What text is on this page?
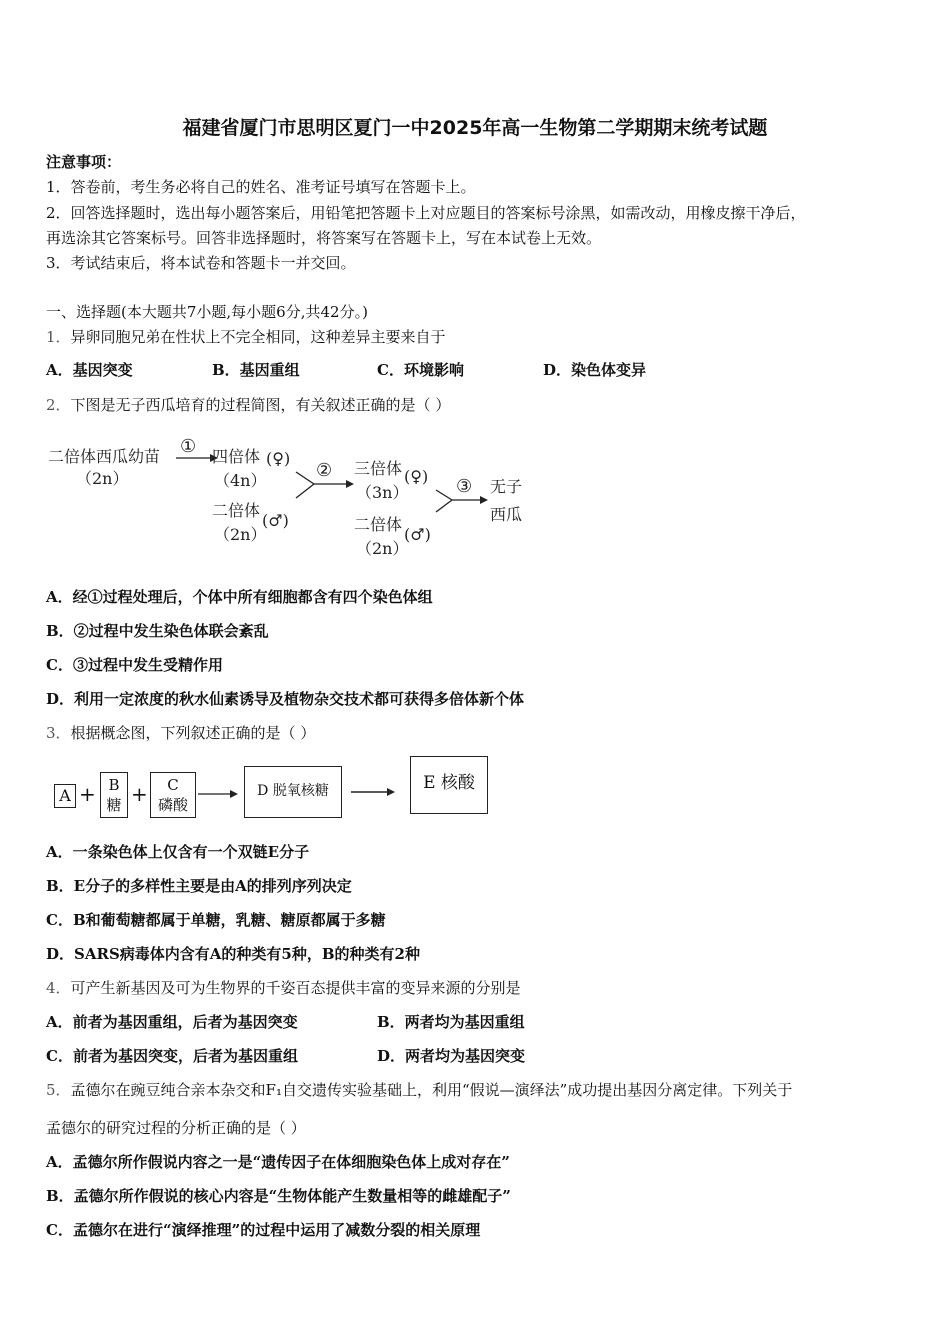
福建省厦门市思明区夏门一中2025年高一生物第二学期期末统考试题
注意事项：
1．答卷前，考生务必将自己的姓名、准考证号填写在答题卡上。
2．回答选择题时，选出每小题答案后，用铅笔把答题卡上对应题目的答案标号涂黑，如需改动，用橡皮擦干净后，
再选涂其它答案标号。回答非选择题时，将答案写在答题卡上，写在本试卷上无效。
3．考试结束后，将本试卷和答题卡一并交回。
一、选择题(本大题共7小题,每小题6分,共42分。)
1．异卵同胞兄弟在性状上不完全相同，这种差异主要来自于
A．基因突变	B．基因重组	C．环境影响	D．染色体变异
2．下图是无子西瓜培育的过程简图，有关叙述正确的是（ ）
二倍体西瓜幼苗
（2n）
① 四倍体 (♀)
（4n）
二倍体
(♂)
（2n）
② 三倍体 (♀)
（3n）
二倍体
(♂)
（2n）
③ 无子
西瓜
A．经①过程处理后，个体中所有细胞都含有四个染色体组
B．②过程中发生染色体联会紊乱
C．③过程中发生受精作用
D．利用一定浓度的秋水仙素诱导及植物杂交技术都可获得多倍体新个体
3．根据概念图，下列叙述正确的是（ ）
A + B
糖 +	C
磷酸
D 脱氧核糖	E 核酸
A．一条染色体上仅含有一个双链E分子
B．E分子的多样性主要是由A的排列序列决定
C．B和葡萄糖都属于单糖，乳糖、糖原都属于多糖
D．SARS病毒体内含有A的种类有5种，B的种类有2种
4．可产生新基因及可为生物界的千姿百态提供丰富的变异来源的分别是
A．前者为基因重组，后者为基因突变	B．两者均为基因重组
C．前者为基因突变，后者为基因重组	D．两者均为基因突变
5．孟德尔在豌豆纯合亲本杂交和F₁自交遗传实验基础上，利用“假说—演绎法”成功提出基因分离定律。下列关于
孟德尔的研究过程的分析正确的是（ ）
A．孟德尔所作假说内容之一是“遗传因子在体细胞染色体上成对存在”
B．孟德尔所作假说的核心内容是“生物体能产生数量相等的雌雄配子”
C．孟德尔在进行“演绎推理”的过程中运用了减数分裂的相关原理
